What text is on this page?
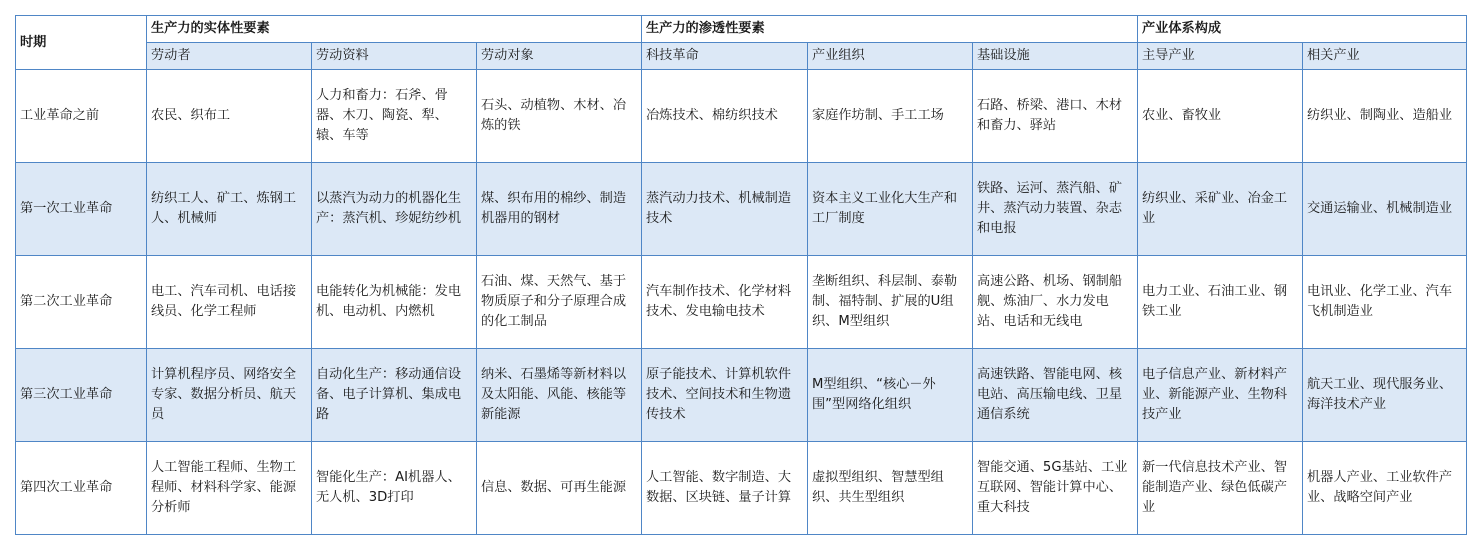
时期	生产力的实体性要素			生产力的渗透性要素			产业体系构成	
	劳动者	劳动资料	劳动对象	科技革命	产业组织	基础设施	主导产业	相关产业
工业革命之前	农民、织布工	人力和畜力：石斧、骨器、木刀、陶瓷、犁、辕、车等	石头、动植物、木材、冶炼的铁	冶炼技术、棉纺织技术	家庭作坊制、手工工场	石路、桥梁、港口、木材和畜力、驿站	农业、畜牧业	纺织业、制陶业、造船业
第一次工业革命	纺织工人、矿工、炼钢工人、机械师	以蒸汽为动力的机器化生产：蒸汽机、珍妮纺纱机	煤、织布用的棉纱、制造机器用的钢材	蒸汽动力技术、机械制造技术	资本主义工业化大生产和工厂制度	铁路、运河、蒸汽船、矿井、蒸汽动力装置、杂志和电报	纺织业、采矿业、冶金工业	交通运输业、机械制造业
第二次工业革命	电工、汽车司机、电话接线员、化学工程师	电能转化为机械能：发电机、电动机、内燃机	石油、煤、天然气、基于物质原子和分子原理合成的化工制品	汽车制作技术、化学材料技术、发电输电技术	垄断组织、科层制、泰勒制、福特制、扩展的U组织、M型组织	高速公路、机场、钢制船舰、炼油厂、水力发电站、电话和无线电	电力工业、石油工业、钢铁工业	电讯业、化学工业、汽车飞机制造业
第三次工业革命	计算机程序员、网络安全专家、数据分析员、航天员	自动化生产：移动通信设备、电子计算机、集成电路	纳米、石墨烯等新材料以及太阳能、风能、核能等新能源	原子能技术、计算机软件技术、空间技术和生物遗传技术	M型组织、“核心－外围”型网络化组织	高速铁路、智能电网、核电站、高压输电线、卫星通信系统	电子信息产业、新材料产业、新能源产业、生物科技产业	航天工业、现代服务业、海洋技术产业
第四次工业革命	人工智能工程师、生物工程师、材料科学家、能源分析师	智能化生产：AI机器人、无人机、3D打印	信息、数据、可再生能源	人工智能、数字制造、大数据、区块链、量子计算	虚拟型组织、智慧型组织、共生型组织	智能交通、5G基站、工业互联网、智能计算中心、重大科技	新一代信息技术产业、智能制造产业、绿色低碳产业	机器人产业、工业软件产业、战略空间产业
